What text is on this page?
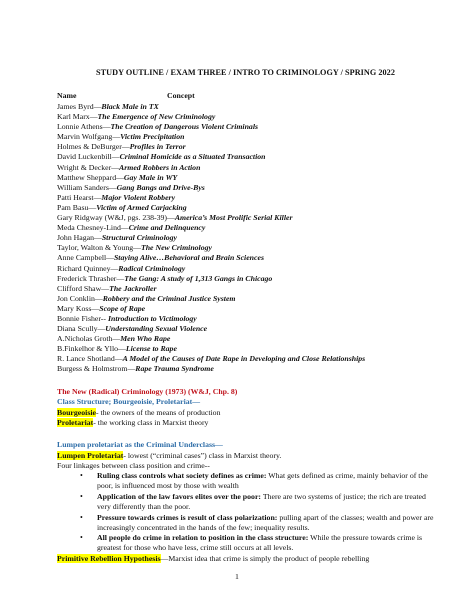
STUDY OUTLINE / EXAM THREE / INTRO TO CRIMINOLOGY / SPRING 2022
Name	Concept
James Byrd—Black Male in TX
Karl Marx—The Emergence of New Criminology
Lonnie Athens—The Creation of Dangerous Violent Criminals
Marvin Wolfgang—Victim Precipitation
Holmes & DeBurger—Profiles in Terror
David Luckenbill—Criminal Homicide as a Situated Transaction
Wright & Decker—Armed Robbers in Action
Matthew Sheppard—Gay Male in WY
William Sanders—Gang Bangs and Drive-Bys
Patti Hearst—Major Violent Robbery
Pam Basu—Victim of Armed Carjacking
Gary Ridgway (W&J, pgs. 238-39)—America’s Most Prolific Serial Killer
Meda Chesney-Lind—Crime and Delinquency
John Hagan—Structural Criminology
Taylor, Walton & Young—The New Criminology
Anne Campbell—Staying Alive…Behavioral and Brain Sciences
Richard Quinney—Radical Criminology
Frederick Thrasher—The Gang: A study of 1,313 Gangs in Chicago
Clifford Shaw—The Jackroller
Jon Conklin—Robbery and the Criminal Justice System
Mary Koss—Scope of Rape
Bonnie Fisher-- Introduction to Victimology
Diana Scully—Understanding Sexual Violence
A.Nicholas Groth—Men Who Rape
B.Finkelhor & Yllo—License to Rape
R. Lance Shotland—A Model of the Causes of Date Rape in Developing and Close Relationships
Burgess & Holmstrom—Rape Trauma Syndrome
The New (Radical) Criminology (1973) (W&J, Chp. 8)
Class Structure; Bourgeoisie, Proletariat—
Bourgeoisie- the owners of the means of production
Proletariat- the working class in Marxist theory
Lumpen proletariat as the Criminal Underclass—
Lumpen Proletariat- lowest (“criminal cases”) class in Marxist theory.
Four linkages between class position and crime--
• Ruling class controls what society defines as crime: What gets defined as crime, mainly behavior of the poor, is influenced most by those with wealth
• Application of the law favors elites over the poor: There are two systems of justice; the rich are treated very differently than the poor.
• Pressure towards crimes is result of class polarization: pulling apart of the classes; wealth and power are increasingly concentrated in the hands of the few; inequality results.
• All people do crime in relation to position in the class structure: While the pressure towards crime is greatest for those who have less, crime still occurs at all levels.
Primitive Rebellion Hypothesis—Marxist idea that crime is simply the product of people rebelling
1
